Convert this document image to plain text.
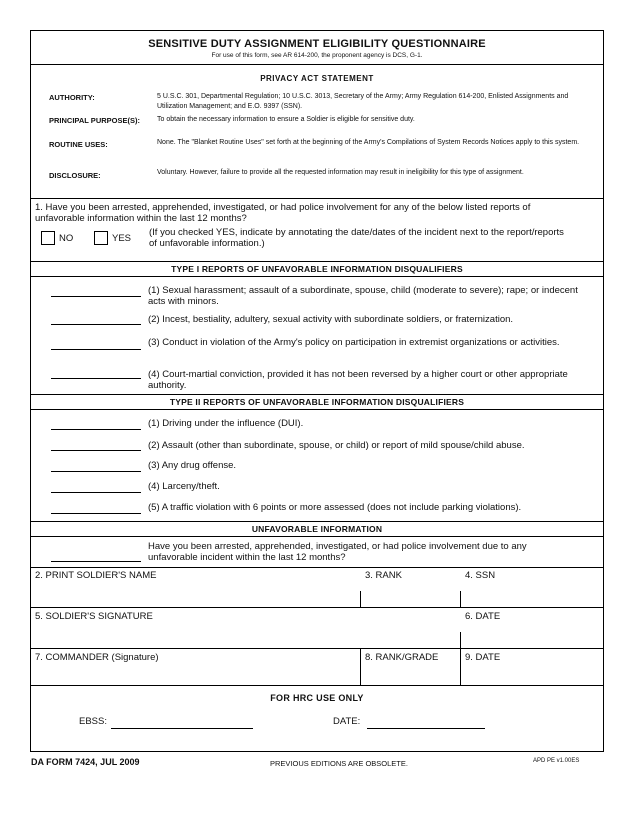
SENSITIVE DUTY ASSIGNMENT ELIGIBILITY QUESTIONNAIRE
For use of this form, see AR 614-200, the proponent agency is DCS, G-1.
PRIVACY ACT STATEMENT
AUTHORITY:	5 U.S.C. 301, Departmental Regulation; 10 U.S.C. 3013, Secretary of the Army; Army Regulation 614-200, Enlisted Assignments and Utilization Management; and E.O. 9397 (SSN).
PRINCIPAL PURPOSE(S): To obtain the necessary information to ensure a Soldier is eligible for sensitive duty.
ROUTINE USES:	None. The "Blanket Routine Uses" set forth at the beginning of the Army's Compilations of System Records Notices apply to this system.
DISCLOSURE:	Voluntary. However, failure to provide all the requested information may result in ineligibility for this type of assignment.
1. Have you been arrested, apprehended, investigated, or had police involvement for any of the below listed reports of unfavorable information within the last 12 months?
NO	YES
(If you checked YES, indicate by annotating the date/dates of the incident next to the report/reports of unfavorable information.)
TYPE I REPORTS OF UNFAVORABLE INFORMATION DISQUALIFIERS
(1) Sexual harassment; assault of a subordinate, spouse, child (moderate to severe); rape; or indecent acts with minors.
(2) Incest, bestiality, adultery, sexual activity with subordinate soldiers, or fraternization.
(3) Conduct in violation of the Army's policy on participation in extremist organizations or activities.
(4) Court-martial conviction, provided it has not been reversed by a higher court or other appropriate authority.
TYPE II REPORTS OF UNFAVORABLE INFORMATION DISQUALIFIERS
(1) Driving under the influence (DUI).
(2) Assault (other than subordinate, spouse, or child) or report of mild spouse/child abuse.
(3) Any drug offense.
(4) Larceny/theft.
(5) A traffic violation with 6 points or more assessed (does not include parking violations).
UNFAVORABLE INFORMATION
Have you been arrested, apprehended, investigated, or had police involvement due to any unfavorable incident within the last 12 months?
2. PRINT SOLDIER'S NAME	3. RANK	4. SSN
5. SOLDIER'S SIGNATURE	6. DATE
7. COMMANDER (Signature)	8. RANK/GRADE	9. DATE
FOR HRC USE ONLY
EBSS:	DATE:
DA FORM 7424, JUL 2009	PREVIOUS EDITIONS ARE OBSOLETE.	APD PE v1.00ES
